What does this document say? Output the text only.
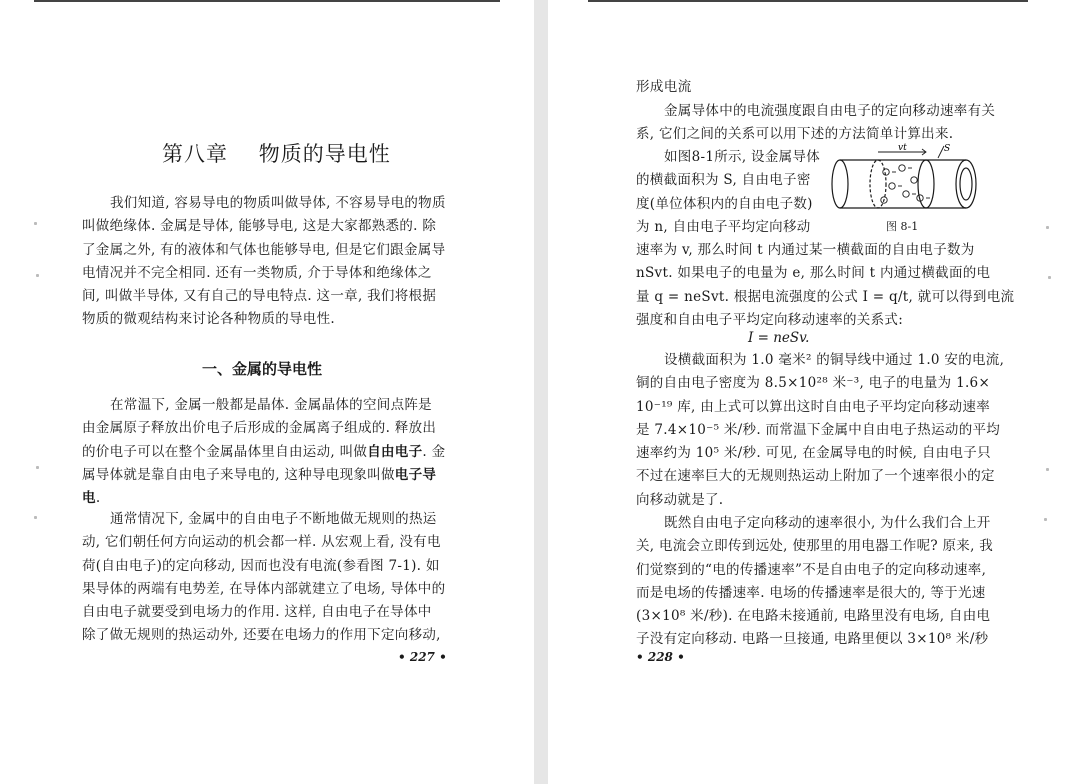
第八章    物质的导电性
我们知道, 容易导电的物质叫做导体, 不容易导电的物质
叫做绝缘体. 金属是导体, 能够导电, 这是大家都熟悉的. 除
了金属之外, 有的液体和气体也能够导电, 但是它们跟金属导
电情况并不完全相同. 还有一类物质, 介于导体和绝缘体之
间, 叫做半导体, 又有自己的导电特点. 这一章, 我们将根据
物质的微观结构来讨论各种物质的导电性.
一、金属的导电性
在常温下, 金属一般都是晶体. 金属晶体的空间点阵是
由金属原子释放出价电子后形成的金属离子组成的. 释放出
的价电子可以在整个金属晶体里自由运动, 叫做自由电子. 金
属导体就是靠自由电子来导电的, 这种导电现象叫做电子导
电.
通常情况下, 金属中的自由电子不断地做无规则的热运
动, 它们朝任何方向运动的机会都一样. 从宏观上看, 没有电
荷(自由电子)的定向移动, 因而也没有电流(参看图 7-1). 如
果导体的两端有电势差, 在导体内部就建立了电场, 导体中的
自由电子就要受到电场力的作用. 这样, 自由电子在导体中
除了做无规则的热运动外, 还要在电场力的作用下定向移动,
• 227 •
形成电流
金属导体中的电流强度跟自由电子的定向移动速率有关
系, 它们之间的关系可以用下述的方法简单计算出来.
如图8-1所示, 设金属导体
的横截面积为 S, 自由电子密
度(单位体积内的自由电子数)
为 n, 自由电子平均定向移动
速率为 v, 那么时间 t 内通过某一横截面的自由电子数为
nSvt. 如果电子的电量为 e, 那么时间 t 内通过横截面的电
量 q = neSvt. 根据电流强度的公式 I = q/t, 就可以得到电流
强度和自由电子平均定向移动速率的关系式:
设横截面积为 1.0 毫米² 的铜导线中通过 1.0 安的电流,
铜的自由电子密度为 8.5×10²⁸ 米⁻³, 电子的电量为 1.6×
10⁻¹⁹ 库, 由上式可以算出这时自由电子平均定向移动速率
是 7.4×10⁻⁵ 米/秒. 而常温下金属中自由电子热运动的平均
速率约为 10⁵ 米/秒. 可见, 在金属导电的时候, 自由电子只
不过在速率巨大的无规则热运动上附加了一个速率很小的定
向移动就是了.
既然自由电子定向移动的速率很小, 为什么我们合上开
关, 电流会立即传到远处, 使那里的用电器工作呢? 原来, 我
们觉察到的“电的传播速率”不是自由电子的定向移动速率,
而是电场的传播速率. 电场的传播速率是很大的, 等于光速
(3×10⁸ 米/秒). 在电路未接通前, 电路里没有电场, 自由电
子没有定向移动. 电路一旦接通, 电路里便以 3×10⁸ 米/秒
• 228 •
I = neSv.
vt	S
图 8-1
